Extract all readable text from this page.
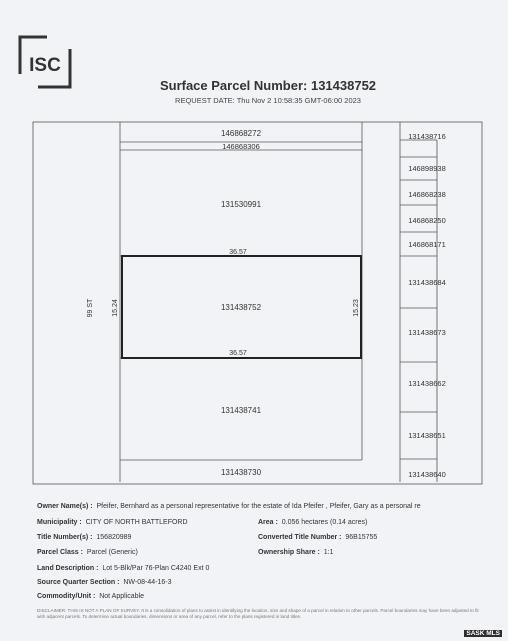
ISC
Surface Parcel Number: 131438752
REQUEST DATE: Thu Nov 2 10:58:35 GMT-06:00 2023
146868272
146868306
131530991
131438752
131438741
131438730
36.57
36.57
15.24	15.23
99 ST
131438716
146898938
146868238
146868250
146868171
131438684
131438673
131438662
131438651
131438640
Owner Name(s) : Pfeifer, Bernhard as a personal representative for the estate of Ida Pfeifer , Pfeifer, Gary as a personal re
Municipality : CITY OF NORTH BATTLEFORD	Area : 0.056 hectares (0.14 acres)
Title Number(s) : 156820989	Converted Title Number : 96B15755
Parcel Class : Parcel (Generic)	Ownership Share : 1:1
Land Description : Lot 5-Blk/Par 76-Plan C4240 Ext 0
Source Quarter Section : NW-08-44-16-3
Commodity/Unit : Not Applicable
DISCLAIMER: THIS IS NOT A PLAN OF SURVEY. It is a consolidation of plans to assist in identifying the location, size and shape of a parcel in relation to other parcels. Parcel boundaries may have been adjusted to fit with adjacent parcels. To determine actual boundaries, dimensions or area of any parcel, refer to the plans registered in land titles.
SASK MLS
